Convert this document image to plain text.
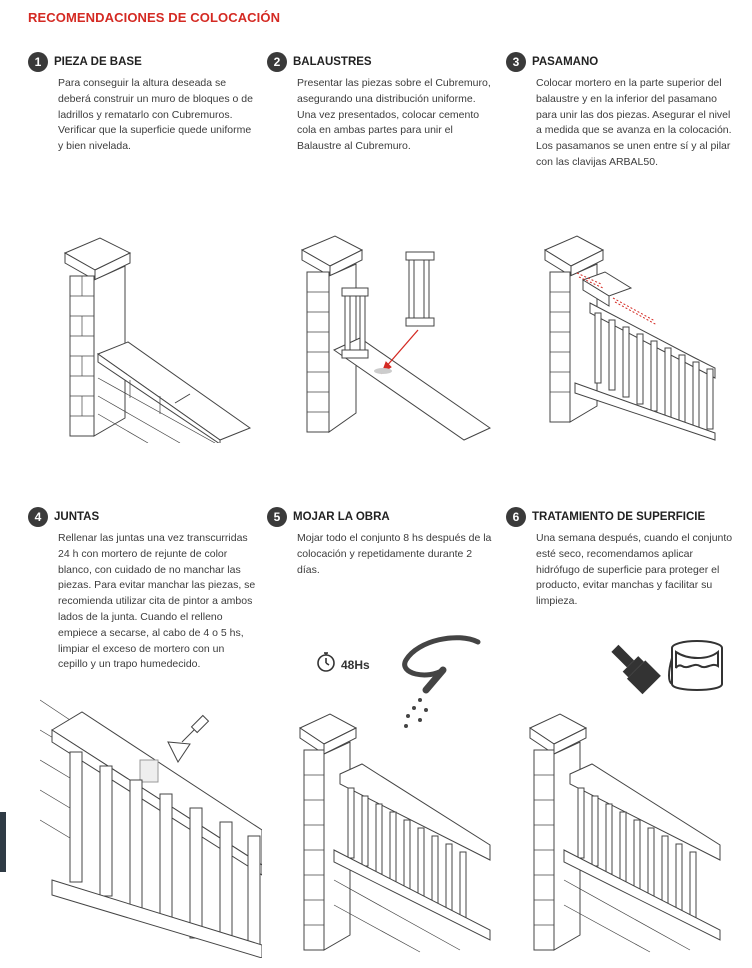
RECOMENDACIONES DE COLOCACIÓN
1	PIEZA DE BASE
Para conseguir la altura deseada se deberá construir un muro de bloques o de ladrillos y rematarlo con Cubremuros. Verificar que la superficie quede uniforme y bien nivelada.
2	BALAUSTRES
Presentar las piezas sobre el Cubremuro, asegurando una distribución uniforme. Una vez presentados, colocar cemento cola en ambas partes para unir el Balaustre al Cubremuro.
3	PASAMANO
Colocar mortero en la parte superior del balaustre y en la inferior del pasamano para unir las dos piezas. Asegurar el nivel a medida que se avanza en la colocación. Los pasamanos se unen entre sí y al pilar con las clavijas ARBAL50.
4	JUNTAS
Rellenar las juntas una vez transcurridas 24 h con mortero de rejunte de color blanco, con cuidado de no manchar las piezas. Para evitar manchar las piezas, se recomienda utilizar cita de pintor a ambos lados de la junta. Cuando el relleno empiece a secarse, al cabo de 4 o 5 hs, limpiar el exceso de mortero con un cepillo y un trapo humedecido.
5	MOJAR LA OBRA
Mojar todo el conjunto 8 hs después de la colocación y repetidamente durante 2 días.
6	TRATAMIENTO DE SUPERFICIE
Una semana después, cuando el conjunto esté seco, recomendamos aplicar hidrófugo de superficie para proteger el producto, evitar manchas y facilitar su limpieza.
48Hs
